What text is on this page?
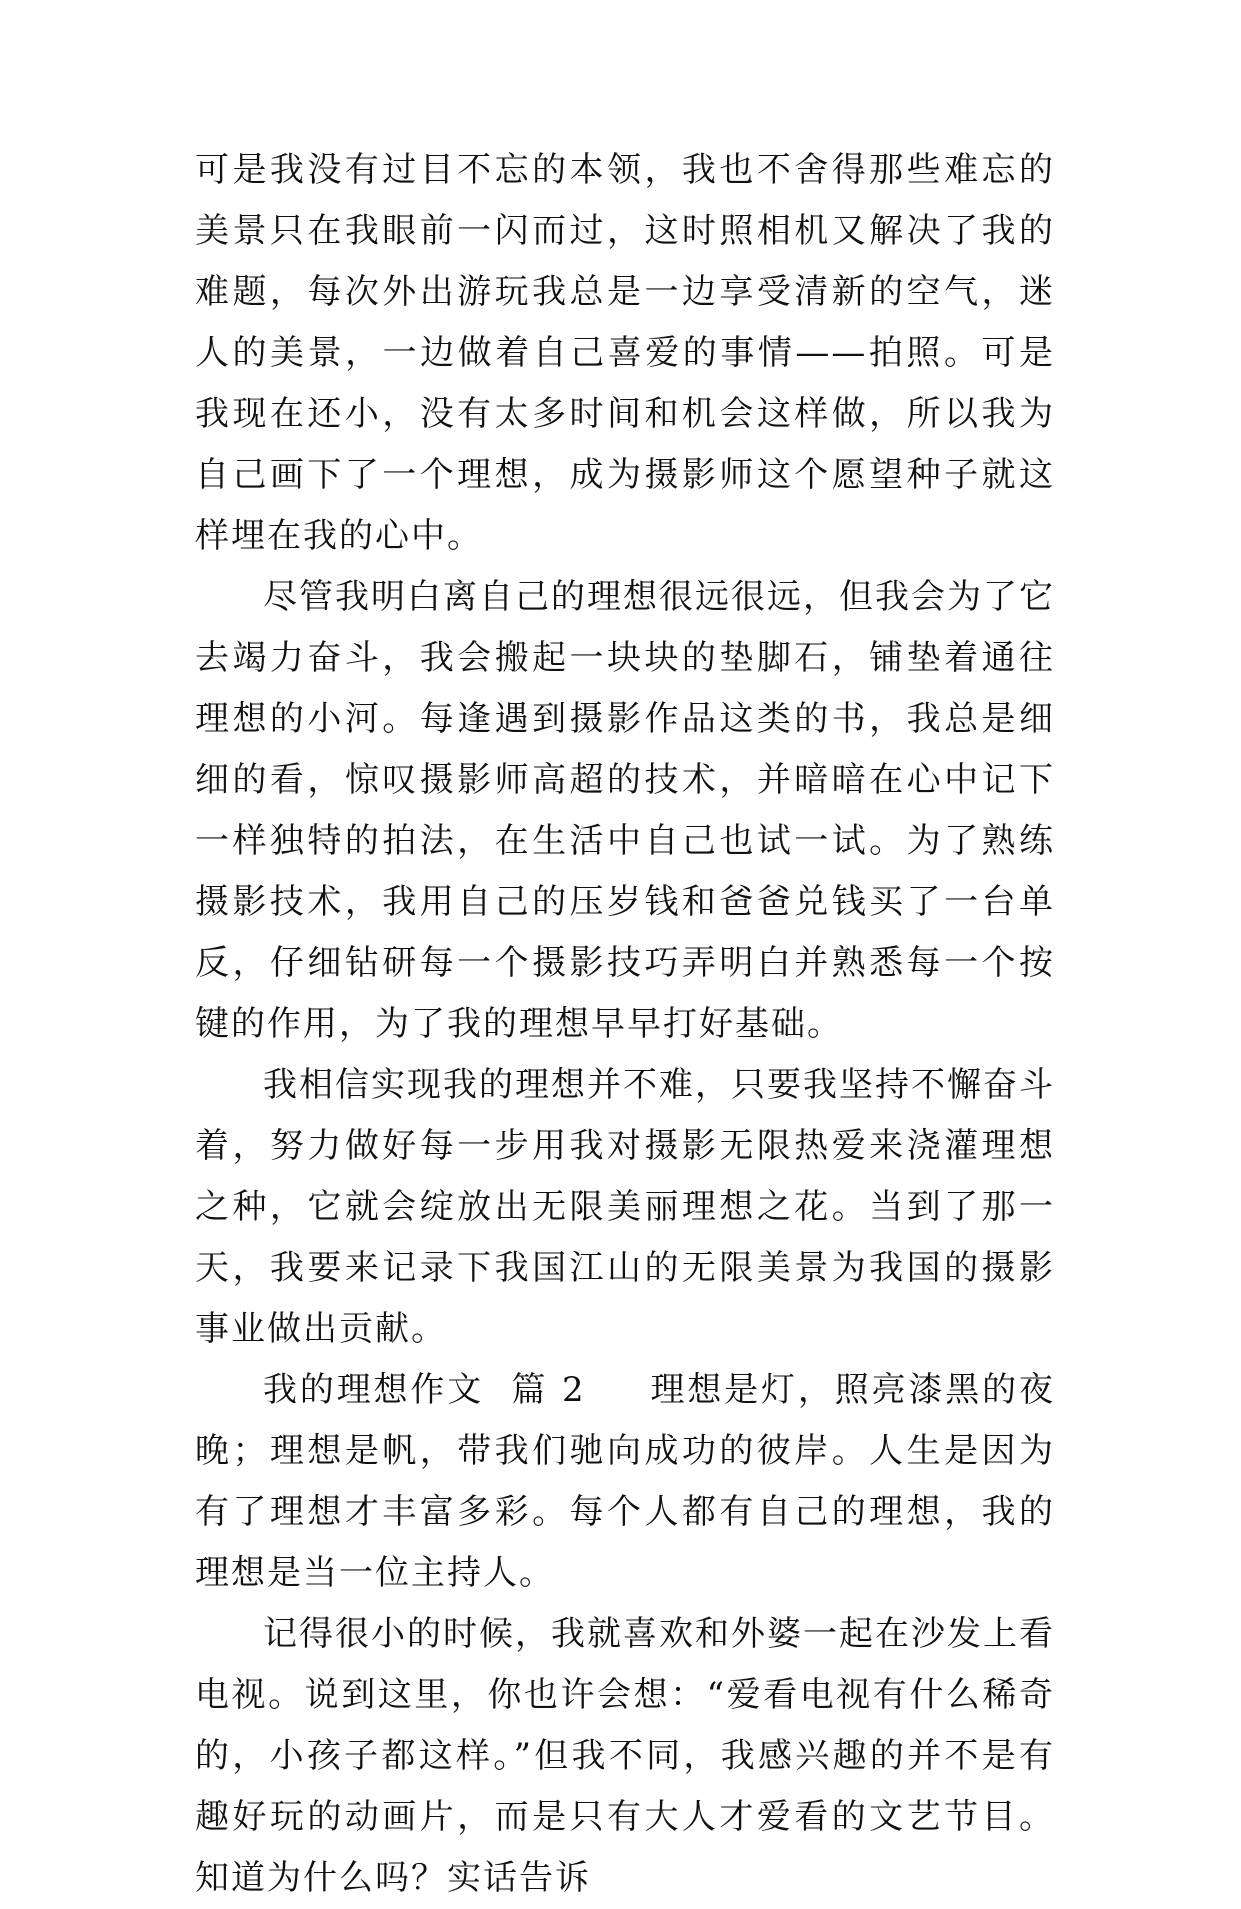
可是我没有过目不忘的本领，我也不舍得那些难忘的美景只在我眼前一闪而过，这时照相机又解决了我的难题，每次外出游玩我总是一边享受清新的空气，迷人的美景，一边做着自己喜爱的事情——拍照。可是我现在还小，没有太多时间和机会这样做，所以我为自己画下了一个理想，成为摄影师这个愿望种子就这样埋在我的心中。

尽管我明白离自己的理想很远很远，但我会为了它去竭力奋斗，我会搬起一块块的垫脚石，铺垫着通往理想的小河。每逢遇到摄影作品这类的书，我总是细细的看，惊叹摄影师高超的技术，并暗暗在心中记下一样独特的拍法，在生活中自己也试一试。为了熟练摄影技术，我用自己的压岁钱和爸爸兑钱买了一台单反，仔细钻研每一个摄影技巧弄明白并熟悉每一个按键的作用，为了我的理想早早打好基础。

我相信实现我的理想并不难，只要我坚持不懈奋斗着，努力做好每一步用我对摄影无限热爱来浇灌理想之种，它就会绽放出无限美丽理想之花。当到了那一天，我要来记录下我国江山的无限美景为我国的摄影事业做出贡献。

我的理想作文  篇 2 理想是灯，照亮漆黑的夜晚；理想是帆，带我们驰向成功的彼岸。人生是因为有了理想才丰富多彩。每个人都有自己的理想，我的理想是当一位主持人。

记得很小的时候，我就喜欢和外婆一起在沙发上看电视。说到这里，你也许会想：“爱看电视有什么稀奇的，小孩子都这样。”但我不同，我感兴趣的并不是有趣好玩的动画片，而是只有大人才爱看的文艺节目。知道为什么吗？实话告诉
